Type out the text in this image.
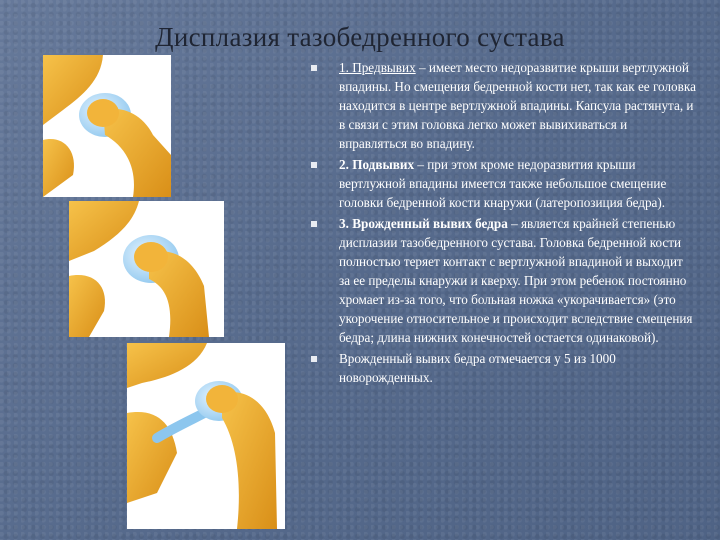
Дисплазия тазобедренного сустава
1. Предвывих – имеет место недоразвитие крыши вертлужной впадины. Но смещения бедренной кости нет, так как ее головка находится в центре вертлужной впадины. Капсула растянута, и в связи с этим головка легко может вывихиваться и вправляться во впадину.
2. Подвывих – при этом кроме недоразвития крыши вертлужной впадины имеется также небольшое смещение головки бедренной кости кнаружи (латеропозиция бедра).
3. Врожденный вывих бедра – является крайней степенью дисплазии тазобедренного сустава. Головка бедренной кости полностью теряет контакт с вертлужной впадиной и выходит за ее пределы кнаружи и кверху. При этом ребенок постоянно хромает из-за того, что больная ножка «укорачивается» (это укорочение относительное и происходит вследствие смещения бедра; длина нижних конечностей остается одинаковой).
Врожденный вывих бедра отмечается у 5 из 1000 новорожденных.
